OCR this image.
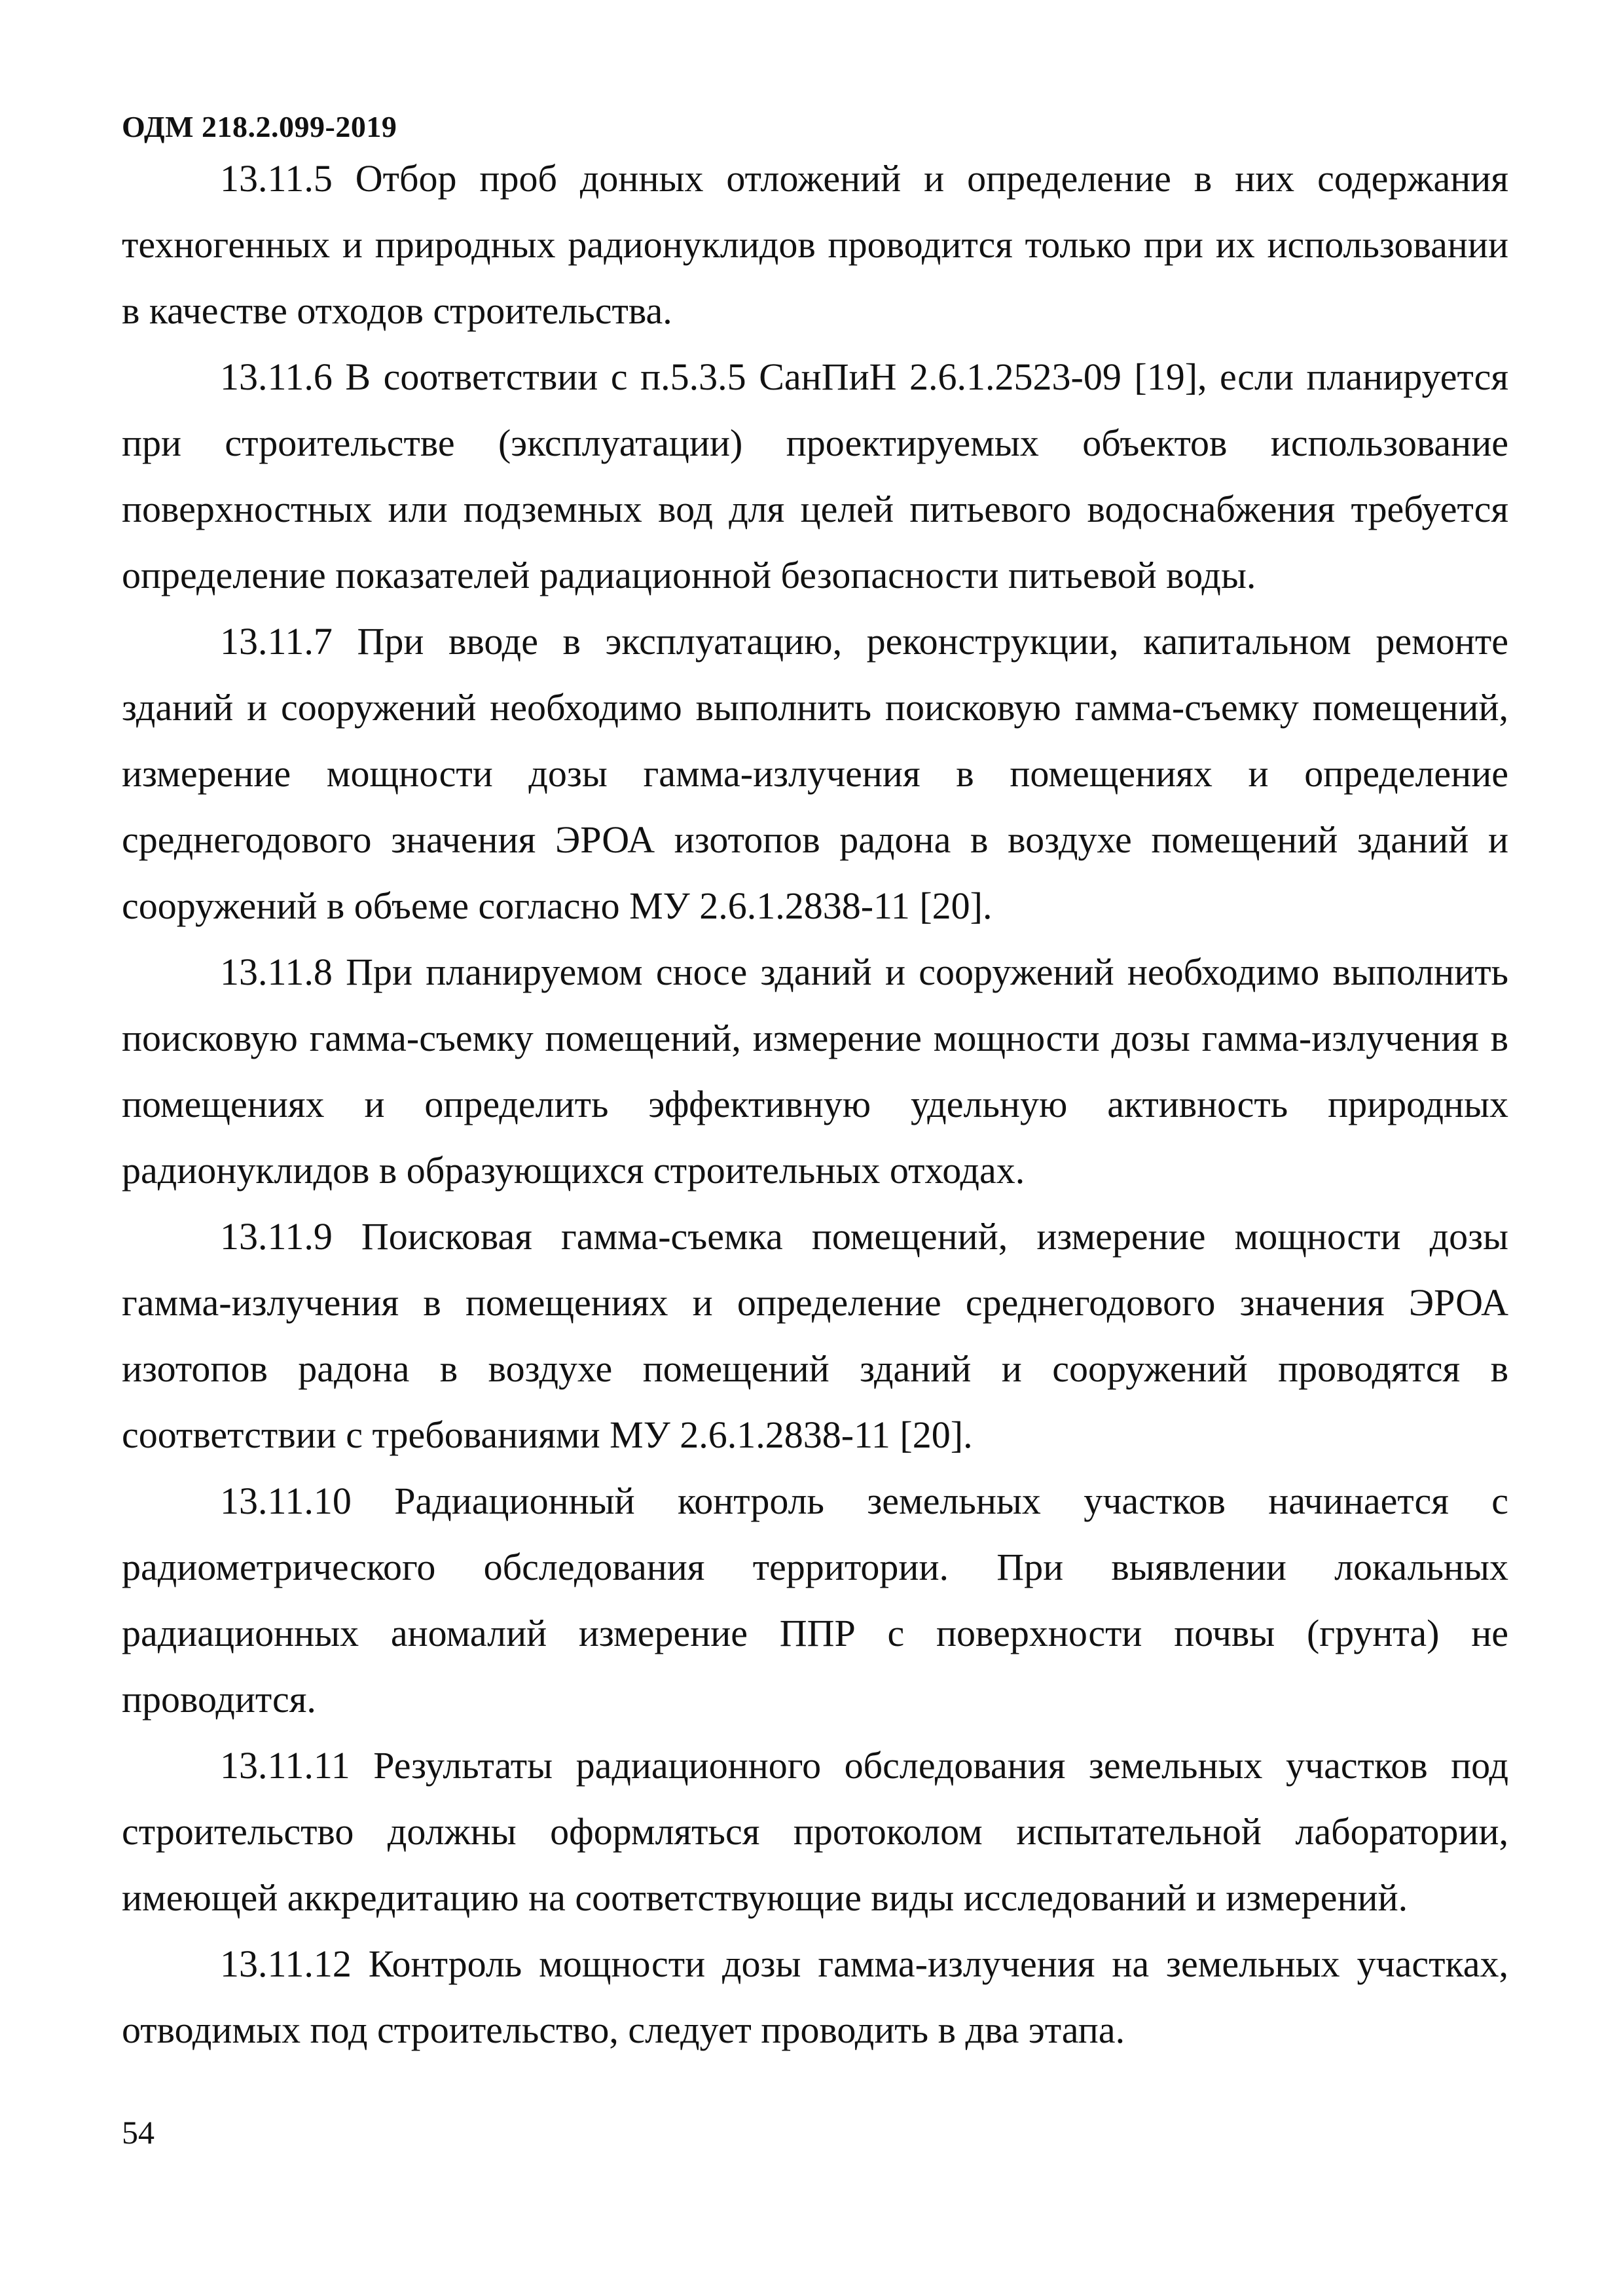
ОДМ 218.2.099-2019

13.11.5 Отбор проб донных отложений и определение в них содержания техногенных и природных радионуклидов проводится только при их использовании в качестве отходов строительства.

13.11.6 В соответствии с п.5.3.5 СанПиН 2.6.1.2523-09 [19], если планируется при строительстве (эксплуатации) проектируемых объектов использование поверхностных или подземных вод для целей питьевого водоснабжения требуется определение показателей радиационной безопасности питьевой воды.

13.11.7 При вводе в эксплуатацию, реконструкции, капитальном ремонте зданий и сооружений необходимо выполнить поисковую гамма-съемку помещений, измерение мощности дозы гамма-излучения в помещениях и определение среднегодового значения ЭРОА изотопов радона в воздухе помещений зданий и сооружений в объеме согласно МУ 2.6.1.2838-11 [20].

13.11.8 При планируемом сносе зданий и сооружений необходимо выполнить поисковую гамма-съемку помещений, измерение мощности дозы гамма-излучения в помещениях и определить эффективную удельную активность природных радионуклидов в образующихся строительных отходах.

13.11.9 Поисковая гамма-съемка помещений, измерение мощности дозы гамма-излучения в помещениях и определение среднегодового значения ЭРОА изотопов радона в воздухе помещений зданий и сооружений проводятся в соответствии с требованиями МУ 2.6.1.2838-11 [20].

13.11.10 Радиационный контроль земельных участков начинается с радиометрического обследования территории. При выявлении локальных радиационных аномалий измерение ППР с поверхности почвы (грунта) не проводится.

13.11.11 Результаты радиационного обследования земельных участков под строительство должны оформляться протоколом испытательной лаборатории, имеющей аккредитацию на соответствующие виды исследований и измерений.

13.11.12 Контроль мощности дозы гамма-излучения на земельных участках, отводимых под строительство, следует проводить в два этапа.

54
